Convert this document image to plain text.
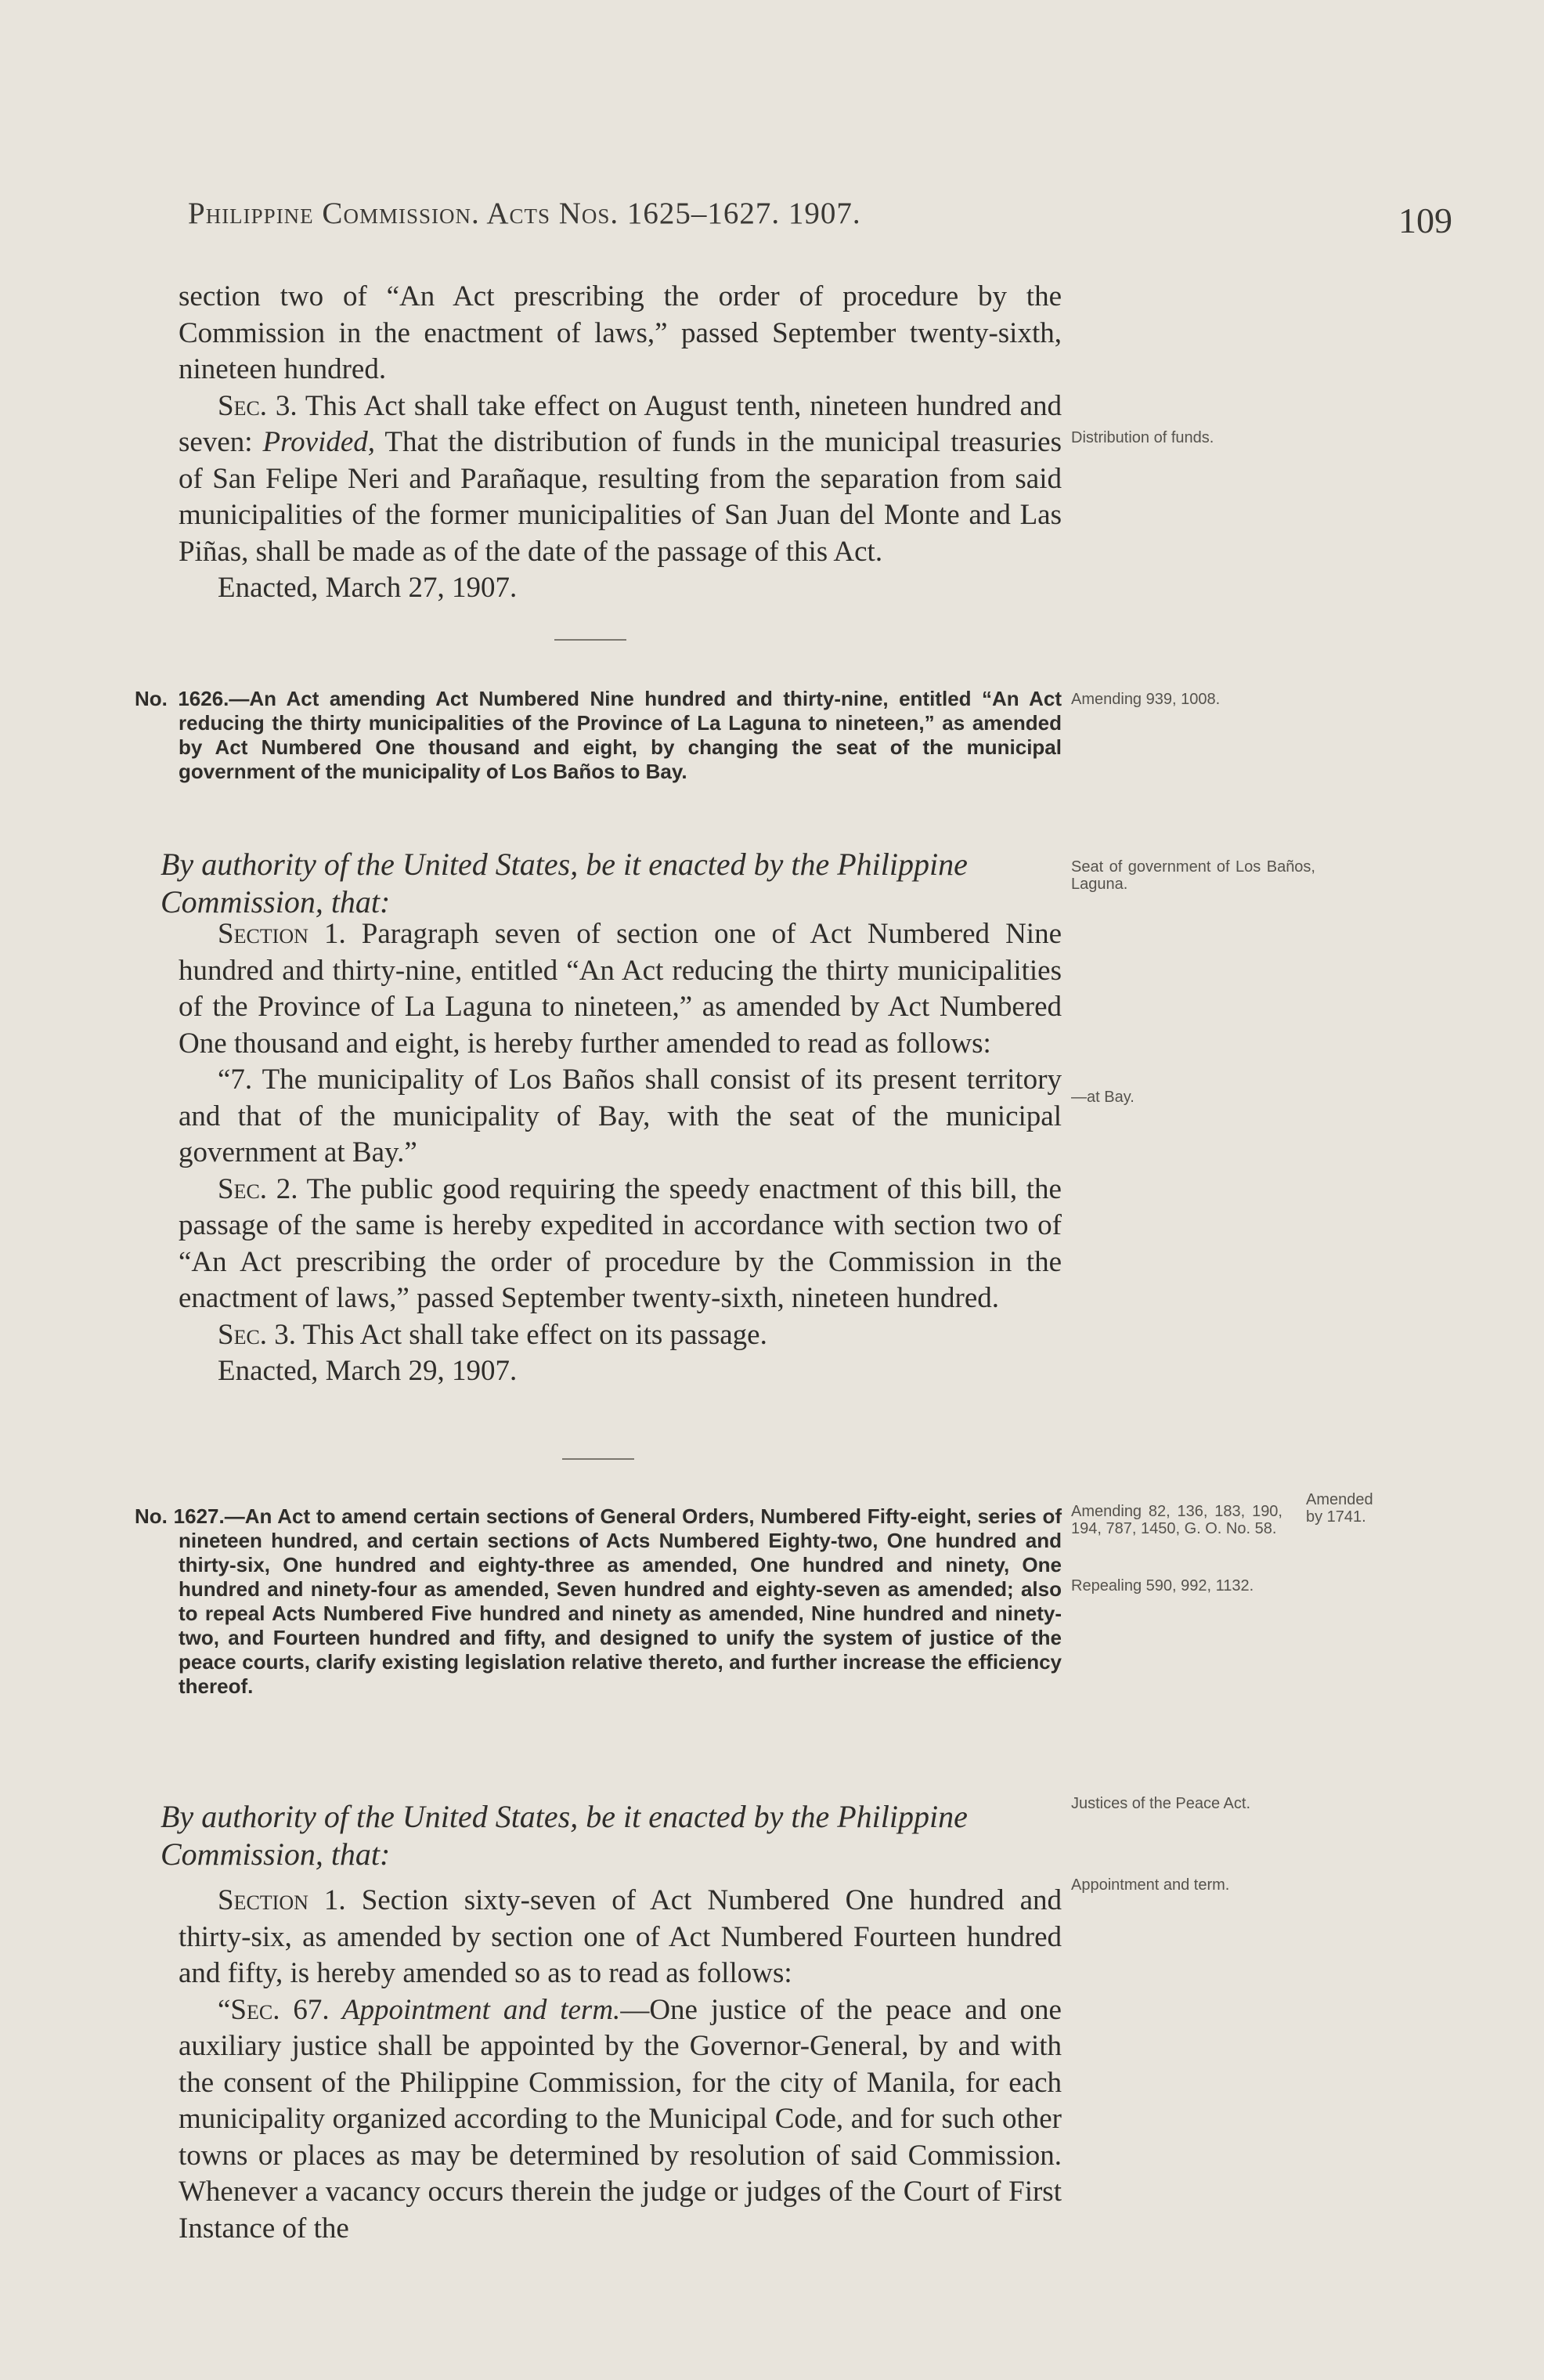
Philippine Commission. Acts Nos. 1625–1627. 1907.	109

section two of “An Act prescribing the order of procedure by the Commission in the enactment of laws,” passed September twenty-sixth, nineteen hundred.

Sec. 3. This Act shall take effect on August tenth, nineteen hundred and seven: Provided, That the distribution of funds in the municipal treasuries of San Felipe Neri and Parañaque, resulting from the separation from said municipalities of the former municipalities of San Juan del Monte and Las Piñas, shall be made as of the date of the passage of this Act.

Enacted, March 27, 1907.

Distribution of funds.
No. 1626.—An Act amending Act Numbered Nine hundred and thirty-nine, entitled “An Act reducing the thirty municipalities of the Province of La Laguna to nineteen,” as amended by Act Numbered One thousand and eight, by changing the seat of the municipal government of the municipality of Los Baños to Bay.
Amending 939, 1008.
By authority of the United States, be it enacted by the Philippine Commission, that:
Seat of government of Los Baños, Laguna.

Section 1. Paragraph seven of section one of Act Numbered Nine hundred and thirty-nine, entitled “An Act reducing the thirty municipalities of the Province of La Laguna to nineteen,” as amended by Act Numbered One thousand and eight, is hereby further amended to read as follows:

“7. The municipality of Los Baños shall consist of its present territory and that of the municipality of Bay, with the seat of the municipal government at Bay.”

Sec. 2. The public good requiring the speedy enactment of this bill, the passage of the same is hereby expedited in accordance with section two of “An Act prescribing the order of procedure by the Commission in the enactment of laws,” passed September twenty-sixth, nineteen hundred.

Sec. 3. This Act shall take effect on its passage.

Enacted, March 29, 1907.

—at Bay.
No. 1627.—An Act to amend certain sections of General Orders, Numbered Fifty-eight, series of nineteen hundred, and certain sections of Acts Numbered Eighty-two, One hundred and thirty-six, One hundred and eighty-three as amended, One hundred and ninety, One hundred and ninety-four as amended, Seven hundred and eighty-seven as amended; also to repeal Acts Numbered Five hundred and ninety as amended, Nine hundred and ninety-two, and Fourteen hundred and fifty, and designed to unify the system of justice of the peace courts, clarify existing legislation relative thereto, and further increase the efficiency thereof.
Amending 82, 136, 183, 190, 194, 787, 1450, G. O. No. 58.
Amended by 1741.
Repealing 590, 992, 1132.
By authority of the United States, be it enacted by the Philippine Commission, that:
Justices of the Peace Act.
Appointment and term.

Section 1. Section sixty-seven of Act Numbered One hundred and thirty-six, as amended by section one of Act Numbered Fourteen hundred and fifty, is hereby amended so as to read as follows:

“Sec. 67. Appointment and term.—One justice of the peace and one auxiliary justice shall be appointed by the Governor-General, by and with the consent of the Philippine Commission, for the city of Manila, for each municipality organized according to the Municipal Code, and for such other towns or places as may be determined by resolution of said Commission. Whenever a vacancy occurs therein the judge or judges of the Court of First Instance of the
